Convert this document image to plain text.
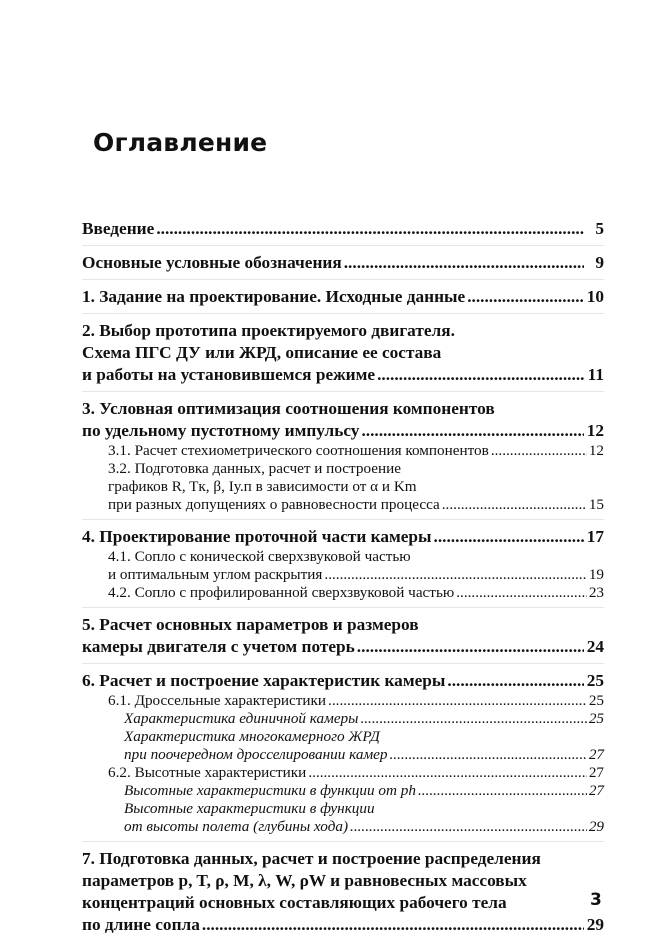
Оглавление
Введение .....	5
Основные условные обозначения .....	9
1. Задание на проектирование. Исходные данные .....	10
2. Выбор прототипа проектируемого двигателя.
Схема ПГС ДУ или ЖРД, описание ее состава
и работы на установившемся режиме .....	11
3. Условная оптимизация соотношения компонентов
по удельному пустотному импульсу .....	12
3.1. Расчет стехиометрического соотношения компонентов .....	12
3.2. Подготовка данных, расчет и построение
графиков R, Tк, β, Iу.п в зависимости от α и Km
при разных допущениях о равновесности процесса .....	15
4. Проектирование проточной части камеры .....	17
4.1. Сопло с конической сверхзвуковой частью
и оптимальным углом раскрытия .....	19
4.2. Сопло с профилированной сверхзвуковой частью .....	23
5. Расчет основных параметров и размеров
камеры двигателя с учетом потерь .....	24
6. Расчет и построение характеристик камеры .....	25
6.1. Дроссельные характеристики .....	25
Характеристика единичной камеры .....	25
Характеристика многокамерного ЖРД
при поочередном дросселировании камер .....	27
6.2. Высотные характеристики .....	27
Высотные характеристики в функции от ph .....	27
Высотные характеристики в функции
от высоты полета (глубины хода) .....	29
7. Подготовка данных, расчет и построение распределения
параметров p, T, ρ, M, λ, W, ρW и равновесных массовых
концентраций основных составляющих рабочего тела
по длине сопла .....	29
3
